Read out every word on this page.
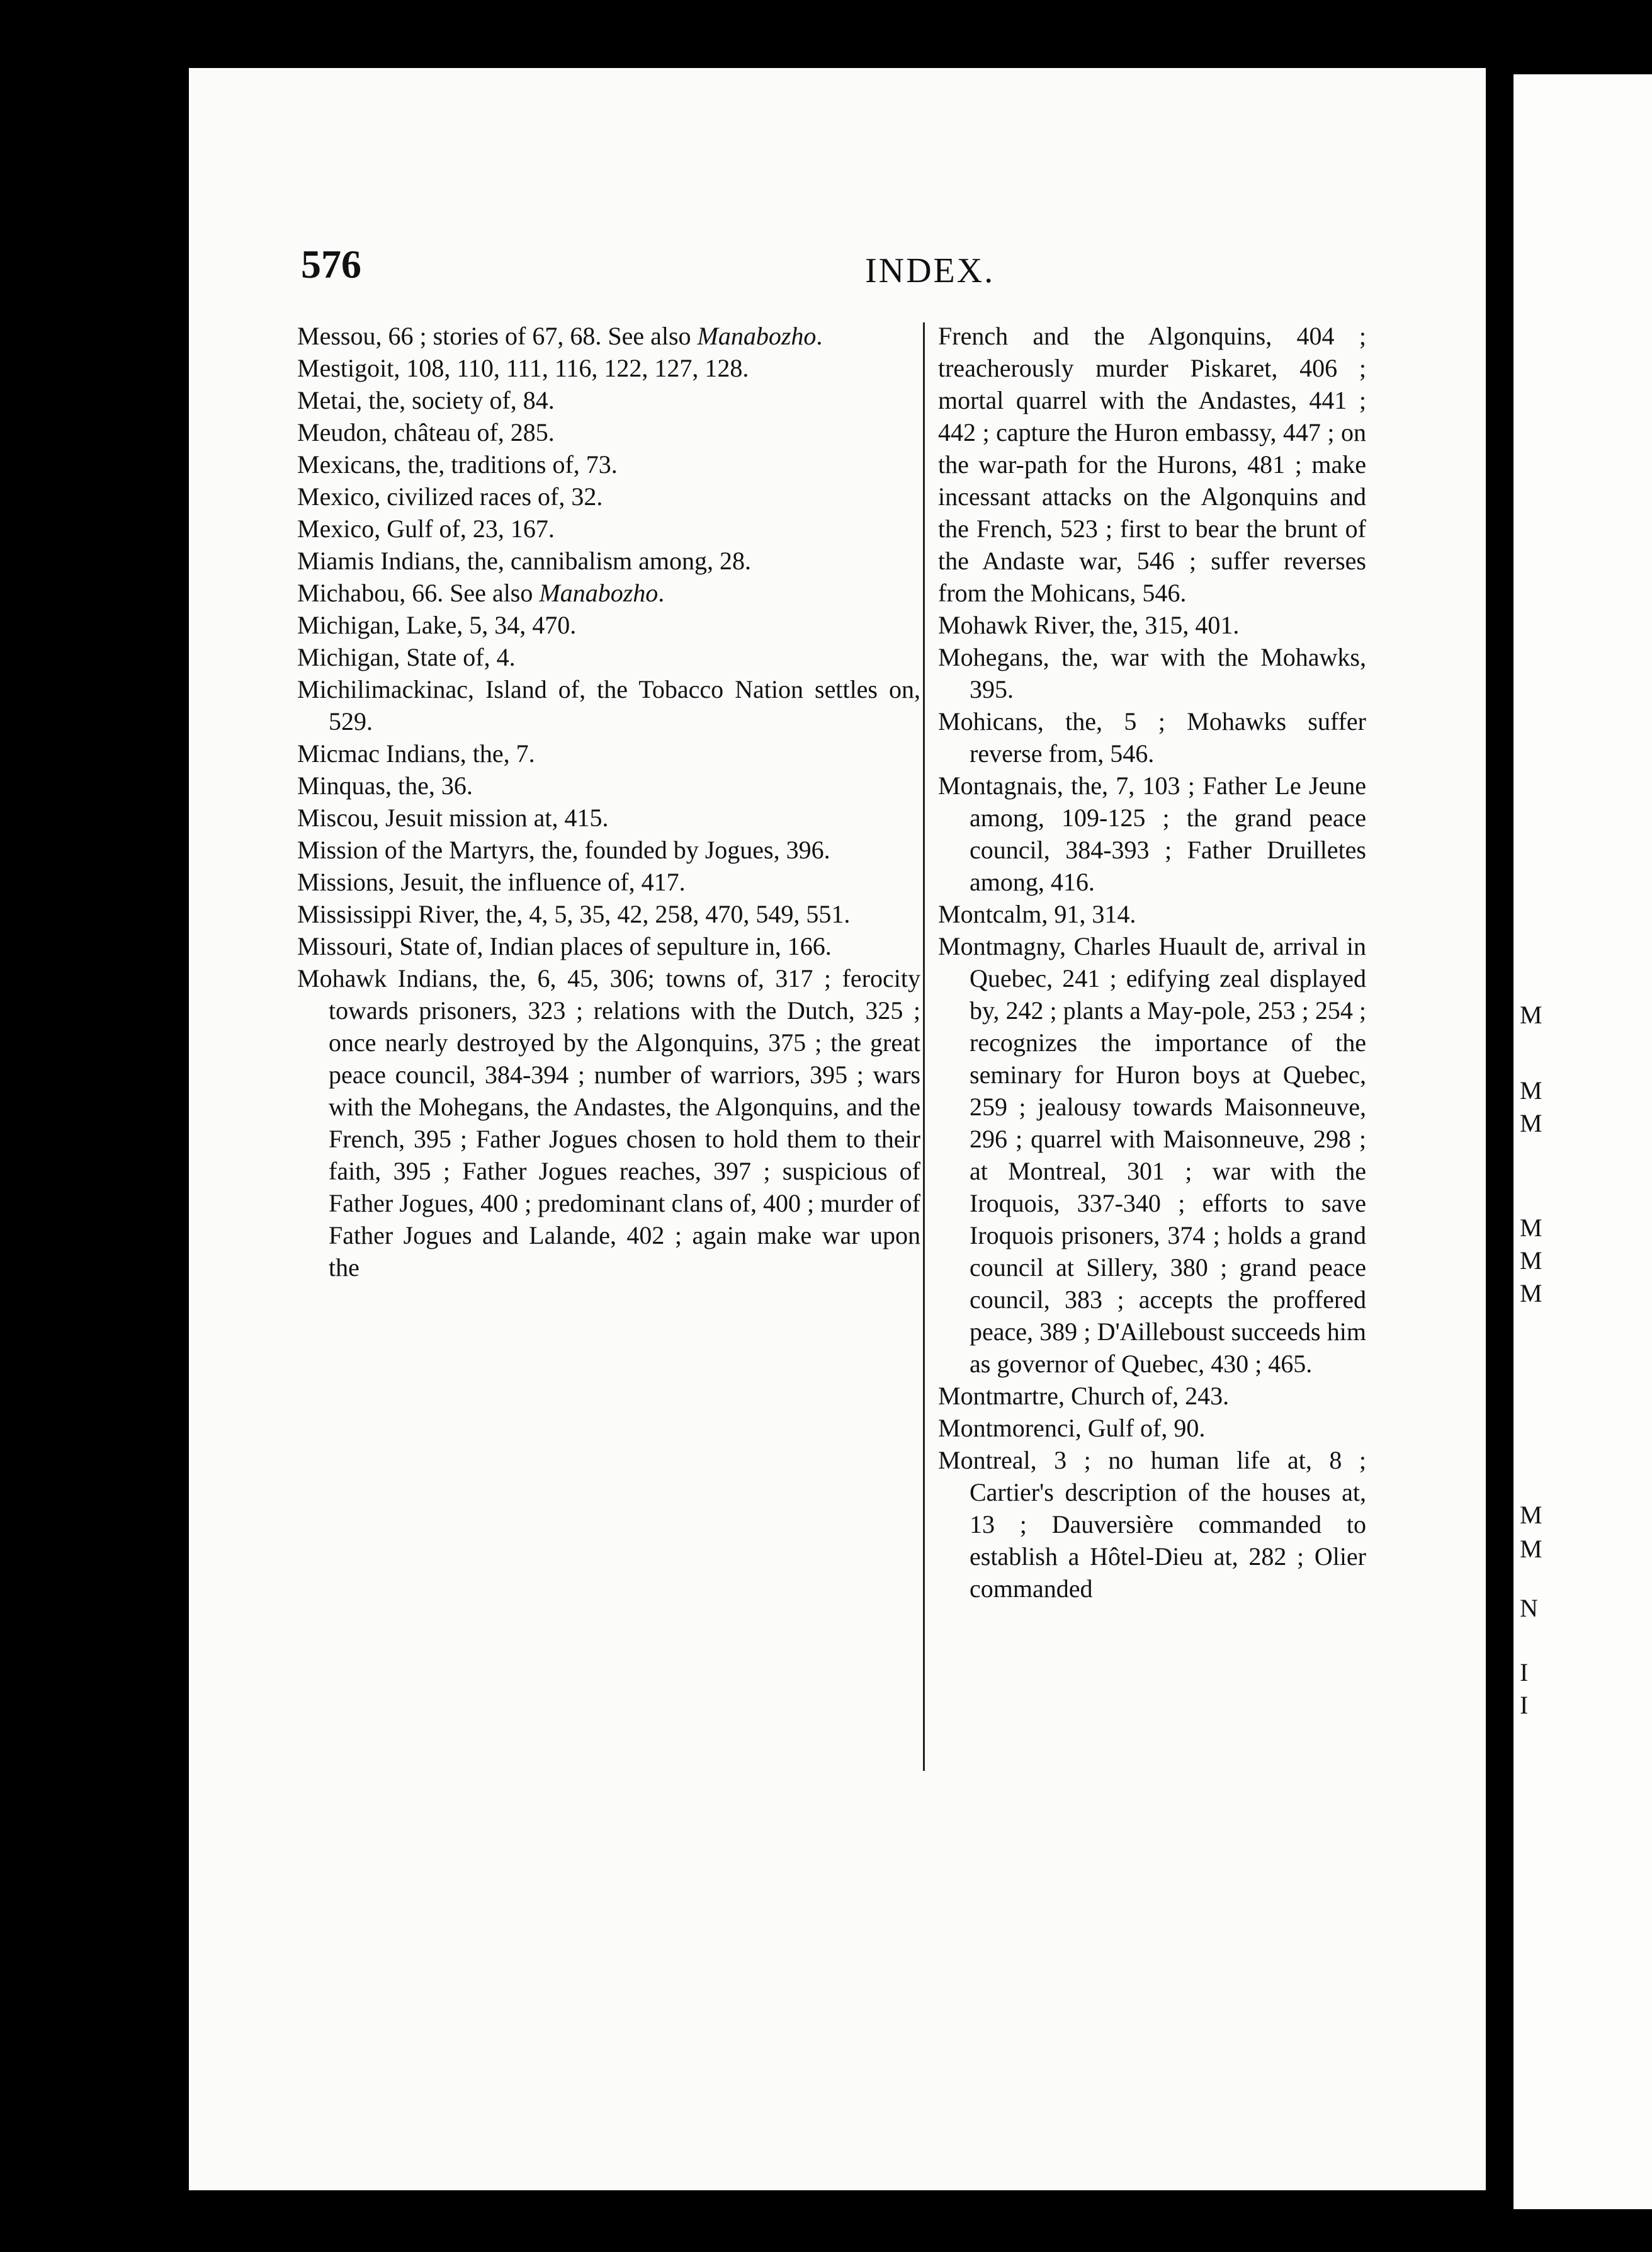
M
M
M
M
M
M
M
M
N
I
I
576	INDEX.

Messou, 66 ; stories of 67, 68. See also Manabozho.

Mestigoit, 108, 110, 111, 116, 122, 127, 128.

Metai, the, society of, 84.

Meudon, château of, 285.

Mexicans, the, traditions of, 73.

Mexico, civilized races of, 32.

Mexico, Gulf of, 23, 167.

Miamis Indians, the, cannibalism among, 28.

Michabou, 66. See also Manabozho.

Michigan, Lake, 5, 34, 470.

Michigan, State of, 4.

Michilimackinac, Island of, the Tobacco Nation settles on, 529.

Micmac Indians, the, 7.

Minquas, the, 36.

Miscou, Jesuit mission at, 415.

Mission of the Martyrs, the, founded by Jogues, 396.

Missions, Jesuit, the influence of, 417.

Mississippi River, the, 4, 5, 35, 42, 258, 470, 549, 551.

Missouri, State of, Indian places of sepulture in, 166.

Mohawk Indians, the, 6, 45, 306; towns of, 317 ; ferocity towards prisoners, 323 ; relations with the Dutch, 325 ; once nearly destroyed by the Algonquins, 375 ; the great peace council, 384-394 ; number of warriors, 395 ; wars with the Mohegans, the Andastes, the Algonquins, and the French, 395 ; Father Jogues chosen to hold them to their faith, 395 ; Father Jogues reaches, 397 ; suspicious of Father Jogues, 400 ; predominant clans of, 400 ; murder of Father Jogues and Lalande, 402 ; again make war upon the

French and the Algonquins, 404 ; treacherously murder Piskaret, 406 ; mortal quarrel with the Andastes, 441 ; 442 ; capture the Huron embassy, 447 ; on the war-path for the Hurons, 481 ; make incessant attacks on the Algonquins and the French, 523 ; first to bear the brunt of the Andaste war, 546 ; suffer reverses from the Mohicans, 546.

Mohawk River, the, 315, 401.

Mohegans, the, war with the Mohawks, 395.

Mohicans, the, 5 ; Mohawks suffer reverse from, 546.

Montagnais, the, 7, 103 ; Father Le Jeune among, 109-125 ; the grand peace council, 384-393 ; Father Druilletes among, 416.

Montcalm, 91, 314.

Montmagny, Charles Huault de, arrival in Quebec, 241 ; edifying zeal displayed by, 242 ; plants a May-pole, 253 ; 254 ; recognizes the importance of the seminary for Huron boys at Quebec, 259 ; jealousy towards Maisonneuve, 296 ; quarrel with Maisonneuve, 298 ; at Montreal, 301 ; war with the Iroquois, 337-340 ; efforts to save Iroquois prisoners, 374 ; holds a grand council at Sillery, 380 ; grand peace council, 383 ; accepts the proffered peace, 389 ; D'Ailleboust succeeds him as governor of Quebec, 430 ; 465.

Montmartre, Church of, 243.

Montmorenci, Gulf of, 90.

Montreal, 3 ; no human life at, 8 ; Cartier's description of the houses at, 13 ; Dauversière commanded to establish a Hôtel-Dieu at, 282 ; Olier commanded
